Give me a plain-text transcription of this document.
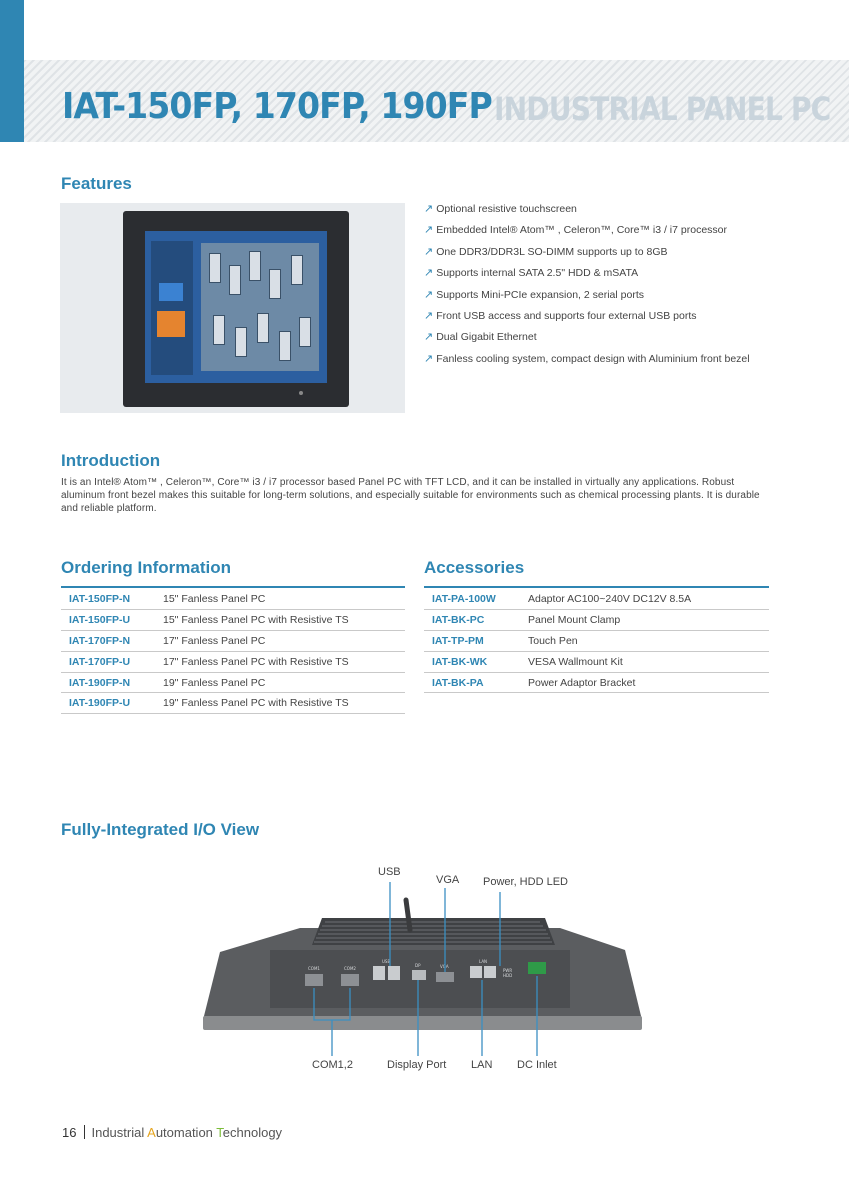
IAT-150FP, 170FP, 190FP INDUSTRIAL PANEL PC
Features
↗ Optional resistive touchscreen
↗ Embedded Intel® Atom™ , Celeron™, Core™ i3 / i7 processor
↗ One DDR3/DDR3L SO-DIMM supports up to 8GB
↗ Supports internal SATA 2.5" HDD & mSATA
↗ Supports Mini-PCIe expansion, 2 serial ports
↗ Front USB access and supports four external USB ports
↗ Dual Gigabit Ethernet
↗ Fanless cooling system, compact design with Aluminium front bezel
Introduction

It is an Intel® Atom™ , Celeron™, Core™ i3 / i7 processor based Panel PC with TFT LCD, and it can be installed in virtually any applications. Robust aluminum front bezel makes this suitable for long-term solutions, and especially suitable for environments such as chemical processing plants. It is durable and reliable platform.

Ordering Information
IAT-150FP-N	15" Fanless Panel PC
IAT-150FP-U	15" Fanless Panel PC with Resistive TS
IAT-170FP-N	17" Fanless Panel PC
IAT-170FP-U	17" Fanless Panel PC with Resistive TS
IAT-190FP-N	19" Fanless Panel PC
IAT-190FP-U	19" Fanless Panel PC with Resistive TS
Accessories
IAT-PA-100W	Adaptor AC100~240V DC12V 8.5A
IAT-BK-PC	Panel Mount Clamp
IAT-TP-PM	Touch Pen
IAT-BK-WK	VESA Wallmount Kit
IAT-BK-PA	Power Adaptor Bracket
Fully-Integrated I/O View
COM1	COM2
USB
DP	VGA
LAN
PWR
HDD
USB
VGA Power, HDD LED
COM1,2	Display Port LAN DC Inlet
16 Industrial Automation Technology
